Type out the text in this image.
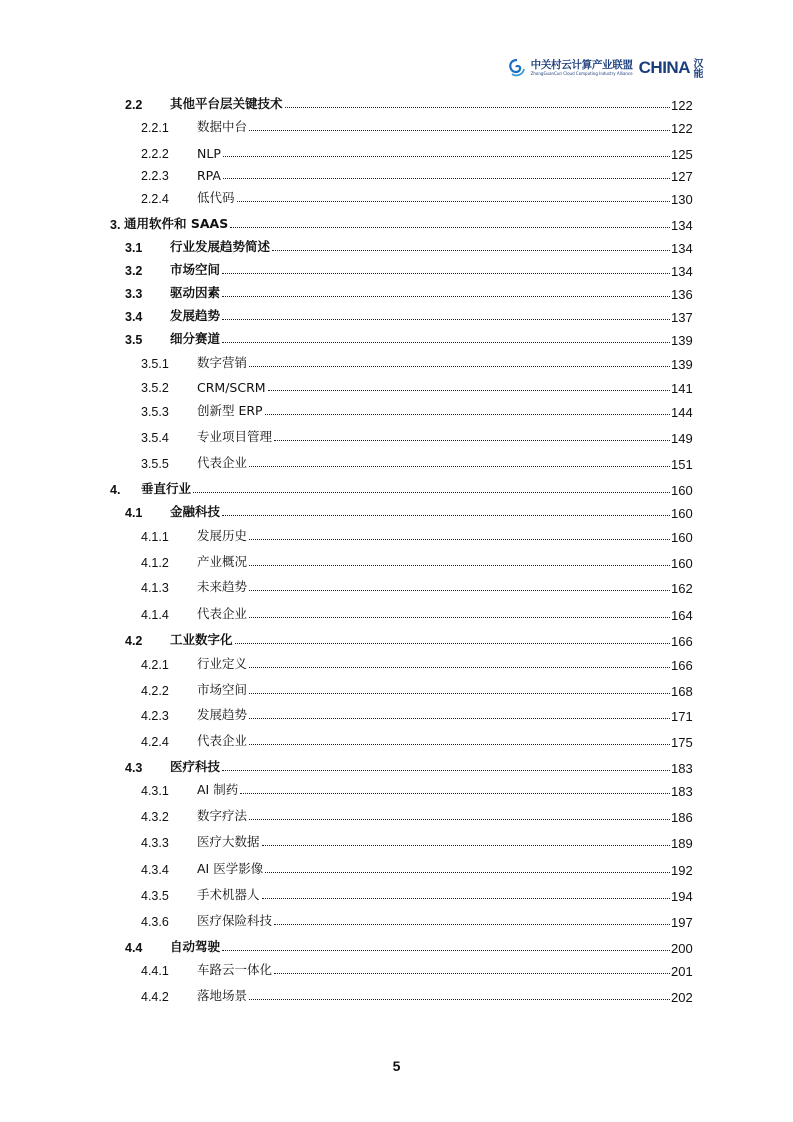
中关村云计算产业联盟
ZhongGuanCun Cloud Computing Industry Alliance CHINA 汉能
2.2 其他平台层关键技术	122
2.2.1 数据中台	122
2.2.2 NLP	125
2.2.3 RPA	127
2.2.4 低代码	130
3. 通用软件和 SAAS	134
3.1 行业发展趋势简述	134
3.2 市场空间	134
3.3 驱动因素	136
3.4 发展趋势	137
3.5 细分赛道	139
3.5.1 数字营销	139
3.5.2 CRM/SCRM	141
3.5.3 创新型 ERP	144
3.5.4 专业项目管理	149
3.5.5 代表企业	151
4. 垂直行业	160
4.1 金融科技	160
4.1.1 发展历史	160
4.1.2 产业概况	160
4.1.3 未来趋势	162
4.1.4 代表企业	164
4.2 工业数字化	166
4.2.1 行业定义	166
4.2.2 市场空间	168
4.2.3 发展趋势	171
4.2.4 代表企业	175
4.3 医疗科技	183
4.3.1 AI 制药	183
4.3.2 数字疗法	186
4.3.3 医疗大数据	189
4.3.4 AI 医学影像	192
4.3.5 手术机器人	194
4.3.6 医疗保险科技	197
4.4 自动驾驶	200
4.4.1 车路云一体化	201
4.4.2 落地场景	202
5
